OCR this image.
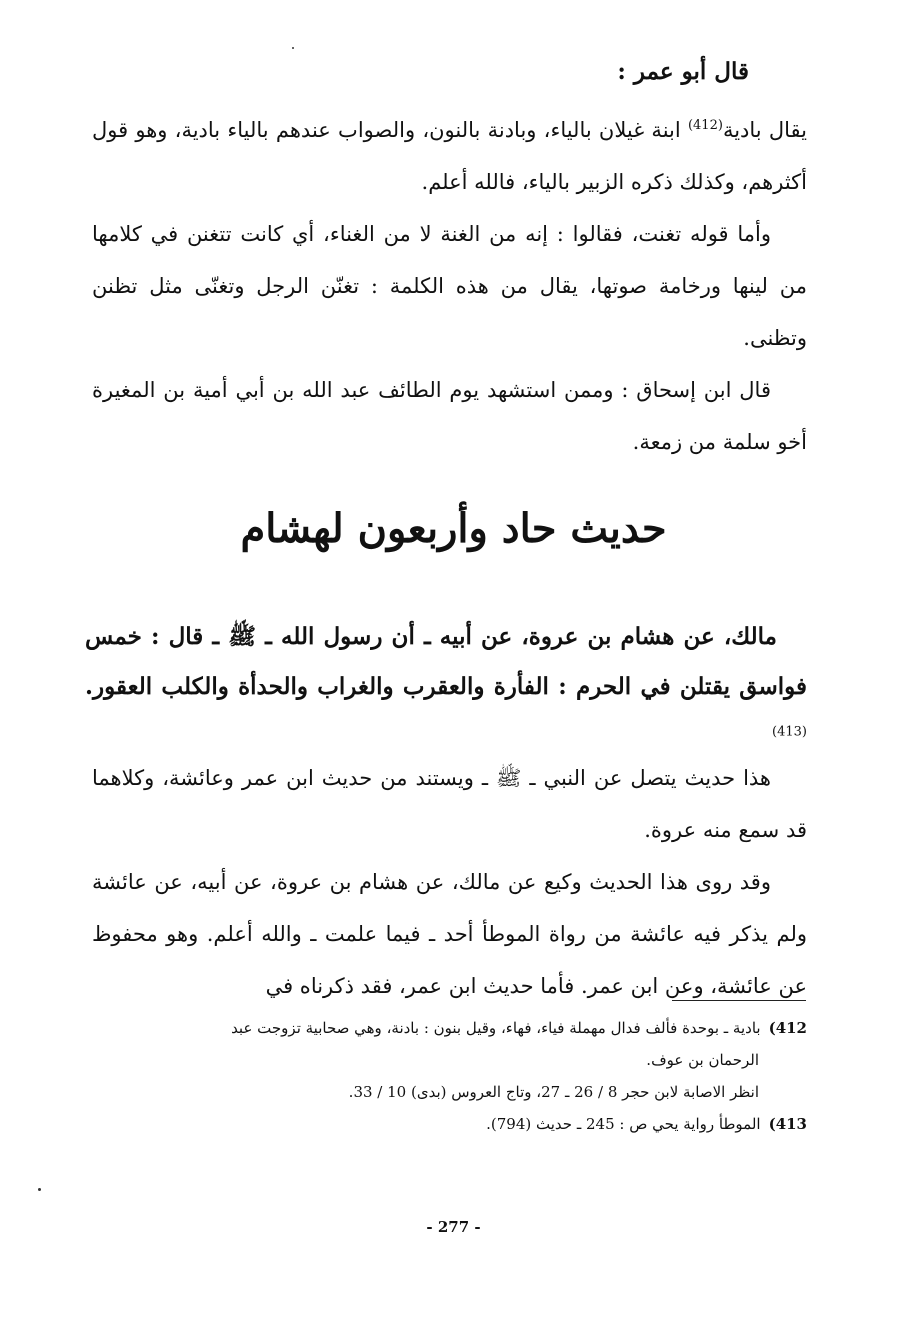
قال أبو عمر :

يقال بادية$^{(412)}$ ابنة غيلان بالياء، وبادنة بالنون، والصواب عندهم بالياء بادية، وهو قول أكثرهم، وكذلك ذكره الزبير بالياء، فالله أعلم.

وأما قوله تغنت، فقالوا : إنه من الغنة لا من الغناء، أي كانت تتغنن في كلامها من لينها ورخامة صوتها، يقال من هذه الكلمة : تغنّن الرجل وتغنّى مثل تظنن وتظنى.

قال ابن إسحاق : وممن استشهد يوم الطائف عبد الله بن أبي أمية بن المغيرة أخو سلمة من زمعة.

حديث حاد وأربعون لهشام

مالك، عن هشام بن عروة، عن أبيه ـ أن رسول الله ـ ﷺ ـ قال : خمس فواسق يقتلن في الحرم : الفأرة والعقرب والغراب والحدأة والكلب العقور.$^{(413)}$

هذا حديث يتصل عن النبي ـ ﷺ ـ ويستند من حديث ابن عمر وعائشة، وكلاهما قد سمع منه عروة.

وقد روى هذا الحديث وكيع عن مالك، عن هشام بن عروة، عن أبيه، عن عائشة ولم يذكر فيه عائشة من رواة الموطأ أحد ـ فيما علمت ـ والله أعلم. وهو محفوظ عن عائشة، وعن ابن عمر. فأما حديث ابن عمر، فقد ذكرناه في

412)بادية ـ بوحدة فألف فدال مهملة فياء، فهاء، وقيل بنون : بادنة، وهي صحابية تزوجت عبد

الرحمان بن عوف.

انظر الاصابة لابن حجر 8 / 26 ـ 27، وتاج العروس (بدى) 10 / 33.

413)الموطأ رواية يحي ص : 245 ـ حديث (794).

- 277 -
